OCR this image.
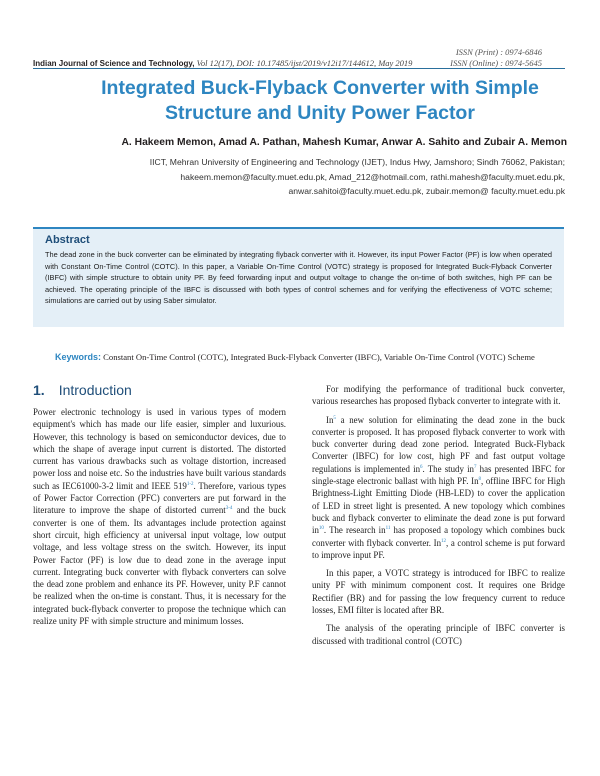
ISSN (Print) : 0974-6846
ISSN (Online) : 0974-5645
Indian Journal of Science and Technology, Vol 12(17), DOI: 10.17485/ijst/2019/v12i17/144612, May 2019
Integrated Buck-Flyback Converter with Simple Structure and Unity Power Factor
A. Hakeem Memon, Amad A. Pathan, Mahesh Kumar, Anwar A. Sahito and Zubair A. Memon
IICT, Mehran University of Engineering and Technology (IJET), Indus Hwy, Jamshoro; Sindh 76062, Pakistan;
hakeem.memon@faculty.muet.edu.pk, Amad_212@hotmail.com, rathi.mahesh@faculty.muet.edu.pk,
anwar.sahitoi@faculty.muet.edu.pk, zubair.memon@ faculty.muet.edu.pk
Abstract

The dead zone in the buck converter can be eliminated by integrating flyback converter with it. However, its input Power Factor (PF) is low when operated with Constant On-Time Control (COTC). In this paper, a Variable On-Time Control (VOTC) strategy is proposed for Integrated Buck-Flyback Converter (IBFC) with simple structure to obtain unity PF. By feed forwarding input and output voltage to change the on-time of both switches, high PF can be achieved. The operating principle of the IBFC is discussed with both types of control schemes and for verifying the effectiveness of VOTC scheme; simulations are carried out by using Saber simulator.

Keywords: Constant On-Time Control (COTC), Integrated Buck-Flyback Converter (IBFC), Variable On-Time Control (VOTC) Scheme
1. Introduction

Power electronic technology is used in various types of modern equipment's which has made our life easier, simpler and luxurious. However, this technology is based on semiconductor devices, due to which the shape of average input current is distorted. The distorted current has various drawbacks such as voltage distortion, increased power loss and noise etc. So the industries have built various standards such as IEC61000-3-2 limit and IEEE 519$^{1-2}$. Therefore, various types of Power Factor Correction (PFC) converters are put forward in the literature to improve the shape of distorted current$^{3-4}$ and the buck converter is one of them. Its advantages include protection against short circuit, high efficiency at universal input voltage, low output voltage, and less voltage stress on the switch. However, its input Power Factor (PF) is low due to dead zone in the average input current. Integrating buck converter with flyback converters can solve the dead zone problem and enhance its PF. However, unity P.F cannot be realized when the on-time is constant. Thus, it is necessary for the integrated buck-flyback converter to propose the technique which can realize unity PF with simple structure and minimum losses.

For modifying the performance of traditional buck converter, various researches has proposed flyback converter to integrate with it.

In$^5$ a new solution for eliminating the dead zone in the buck converter is proposed. It has proposed flyback converter to work with buck converter during dead zone period. Integrated Buck-Flyback Converter (IBFC) for low cost, high PF and fast output voltage regulations is implemented $in^6$. The study $in^7$ has presented IBFC for single-stage electronic ballast with high PF. In$^8$, offline IBFC for High Brightness-Light Emitting Diode (HB-LED) to cover the application of LED in street light is presented. A new topology which combines buck and flyback converter to eliminate the dead zone is put forward $in^{10}$. The research $in^{11}$ has proposed a topology which combines buck converter with flyback converter. In$^{12}$, a control scheme is put forward to improve input PF.

In this paper, a VOTC strategy is introduced for IBFC to realize unity PF with minimum component cost. It requires one Bridge Rectifier (BR) and for passing the low frequency current to reduce losses, EMI filter is located after BR.

The analysis of the operating principle of IBFC converter is discussed with traditional control (COTC)
